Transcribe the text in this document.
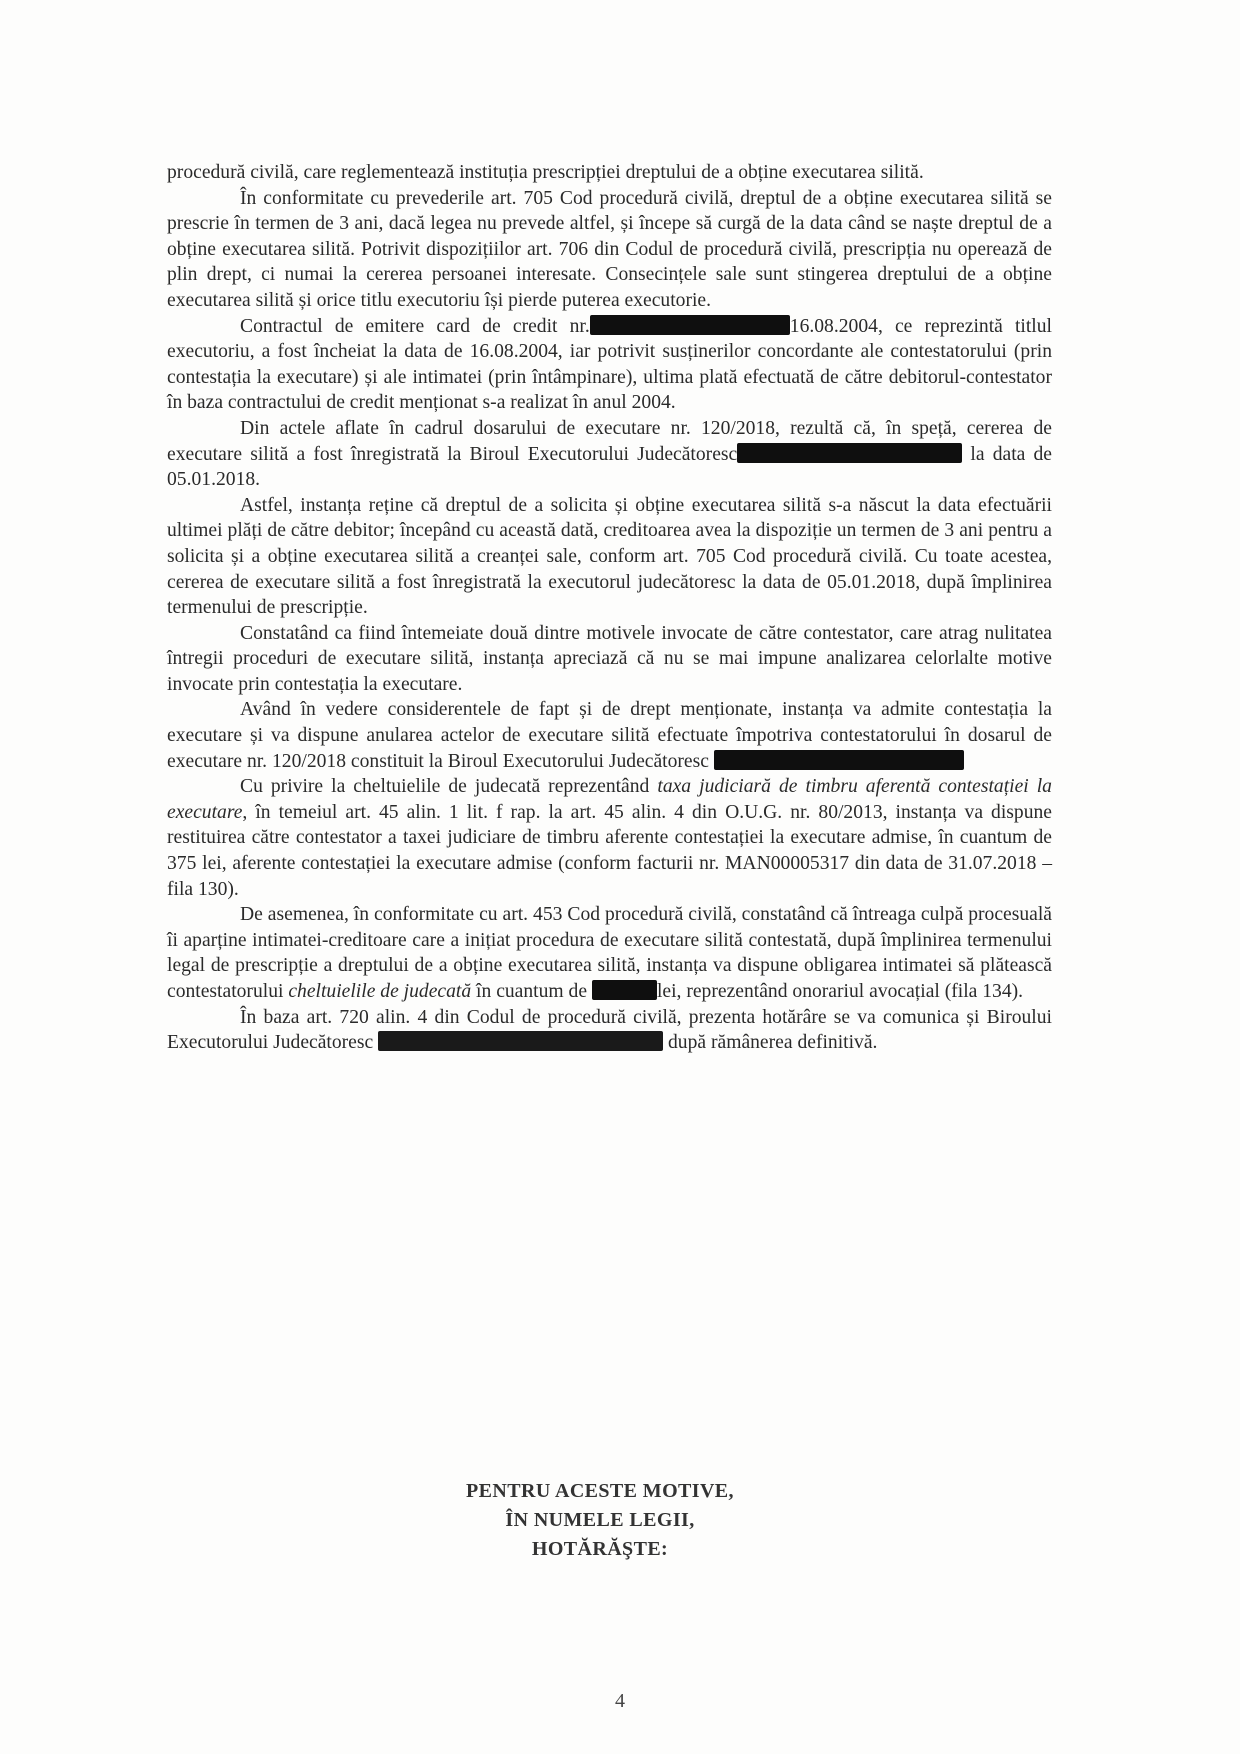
procedură civilă, care reglementează instituția prescripției dreptului de a obține executarea silită.

În conformitate cu prevederile art. 705 Cod procedură civilă, dreptul de a obține executarea silită se prescrie în termen de 3 ani, dacă legea nu prevede altfel, și începe să curgă de la data când se naște dreptul de a obține executarea silită. Potrivit dispozițiilor art. 706 din Codul de procedură civilă, prescripția nu operează de plin drept, ci numai la cererea persoanei interesate. Consecințele sale sunt stingerea dreptului de a obține executarea silită și orice titlu executoriu își pierde puterea executorie.

Contractul de emitere card de credit nr.	16.08.2004, ce reprezintă titlul executoriu, a fost încheiat la data de 16.08.2004, iar potrivit susținerilor concordante ale contestatorului (prin contestația la executare) și ale intimatei (prin întâmpinare), ultima plată efectuată de către debitorul-contestator în baza contractului de credit menționat s-a realizat în anul 2004.

Din actele aflate în cadrul dosarului de executare nr. 120/2018, rezultă că, în speță, cererea de executare silită a fost înregistrată la Biroul Executorului Judecătoresc	la data de 05.01.2018.

Astfel, instanța reține că dreptul de a solicita și obține executarea silită s-a născut la data efectuării ultimei plăți de către debitor; începând cu această dată, creditoarea avea la dispoziție un termen de 3 ani pentru a solicita și a obține executarea silită a creanței sale, conform art. 705 Cod procedură civilă. Cu toate acestea, cererea de executare silită a fost înregistrată la executorul judecătoresc la data de 05.01.2018, după împlinirea termenului de prescripție.

Constatând ca fiind întemeiate două dintre motivele invocate de către contestator, care atrag nulitatea întregii proceduri de executare silită, instanța apreciază că nu se mai impune analizarea celorlalte motive invocate prin contestația la executare.

Având în vedere considerentele de fapt și de drept menționate, instanța va admite contestația la executare și va dispune anularea actelor de executare silită efectuate împotriva contestatorului în dosarul de executare nr. 120/2018 constituit la Biroul Executorului Judecătoresc

Cu privire la cheltuielile de judecată reprezentând taxa judiciară de timbru aferentă contestației la executare, în temeiul art. 45 alin. 1 lit. f rap. la art. 45 alin. 4 din O.U.G. nr. 80/2013, instanța va dispune restituirea către contestator a taxei judiciare de timbru aferente contestației la executare admise, în cuantum de 375 lei, aferente contestației la executare admise (conform facturii nr. MAN00005317 din data de 31.07.2018 – fila 130).

De asemenea, în conformitate cu art. 453 Cod procedură civilă, constatând că întreaga culpă procesuală îi aparține intimatei-creditoare care a inițiat procedura de executare silită contestată, după împlinirea termenului legal de prescripție a dreptului de a obține executarea silită, instanța va dispune obligarea intimatei să plătească contestatorului cheltuielile de judecată în cuantum de	lei, reprezentând onorariul avocațial (fila 134).

În baza art. 720 alin. 4 din Codul de procedură civilă, prezenta hotărâre se va comunica și Biroului Executorului Judecătoresc	după rămânerea definitivă.

PENTRU ACESTE MOTIVE,
ÎN NUMELE LEGII,
HOTĂRĂŞTE:
4
